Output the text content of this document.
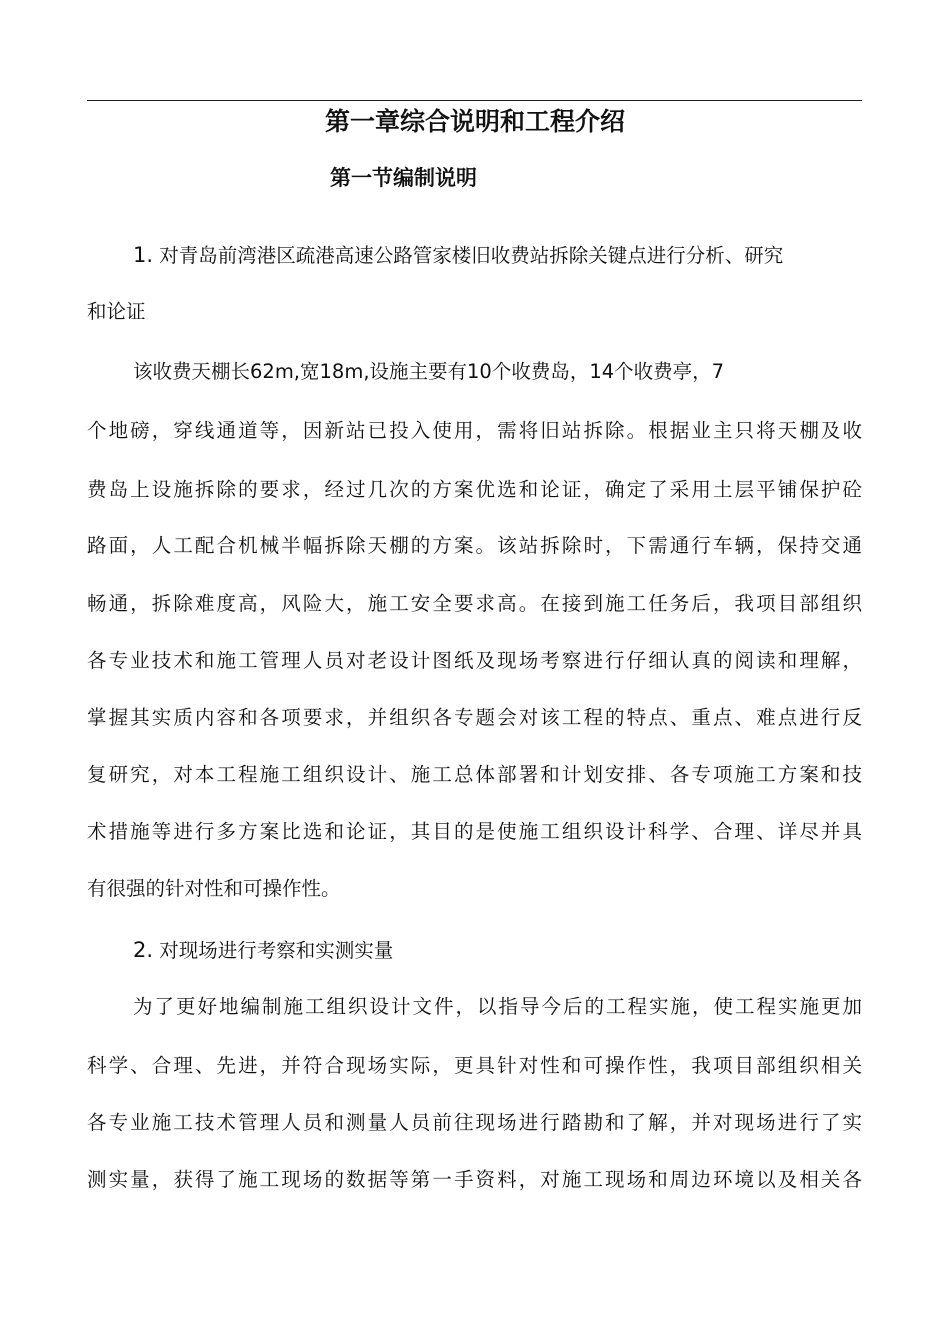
第一章综合说明和工程介绍
第一节编制说明

1. 对青岛前湾港区疏港高速公路管家楼旧收费站拆除关键点进行分析、研究

和论证

该收费天棚长62m,宽18m,设施主要有10个收费岛，14个收费亭，7

个地磅，穿线通道等，因新站已投入使用，需将旧站拆除。根据业主只将天棚及收

费岛上设施拆除的要求，经过几次的方案优选和论证，确定了采用土层平铺保护砼

路面，人工配合机械半幅拆除天棚的方案。该站拆除时，下需通行车辆，保持交通

畅通，拆除难度高，风险大，施工安全要求高。在接到施工任务后，我项目部组织

各专业技术和施工管理人员对老设计图纸及现场考察进行仔细认真的阅读和理解，

掌握其实质内容和各项要求，并组织各专题会对该工程的特点、重点、难点进行反

复研究，对本工程施工组织设计、施工总体部署和计划安排、各专项施工方案和技

术措施等进行多方案比选和论证，其目的是使施工组织设计科学、合理、详尽并具

有很强的针对性和可操作性。

2. 对现场进行考察和实测实量

为了更好地编制施工组织设计文件，以指导今后的工程实施，使工程实施更加

科学、合理、先进，并符合现场实际，更具针对性和可操作性，我项目部组织相关

各专业施工技术管理人员和测量人员前往现场进行踏勘和了解，并对现场进行了实

测实量，获得了施工现场的数据等第一手资料，对施工现场和周边环境以及相关各
